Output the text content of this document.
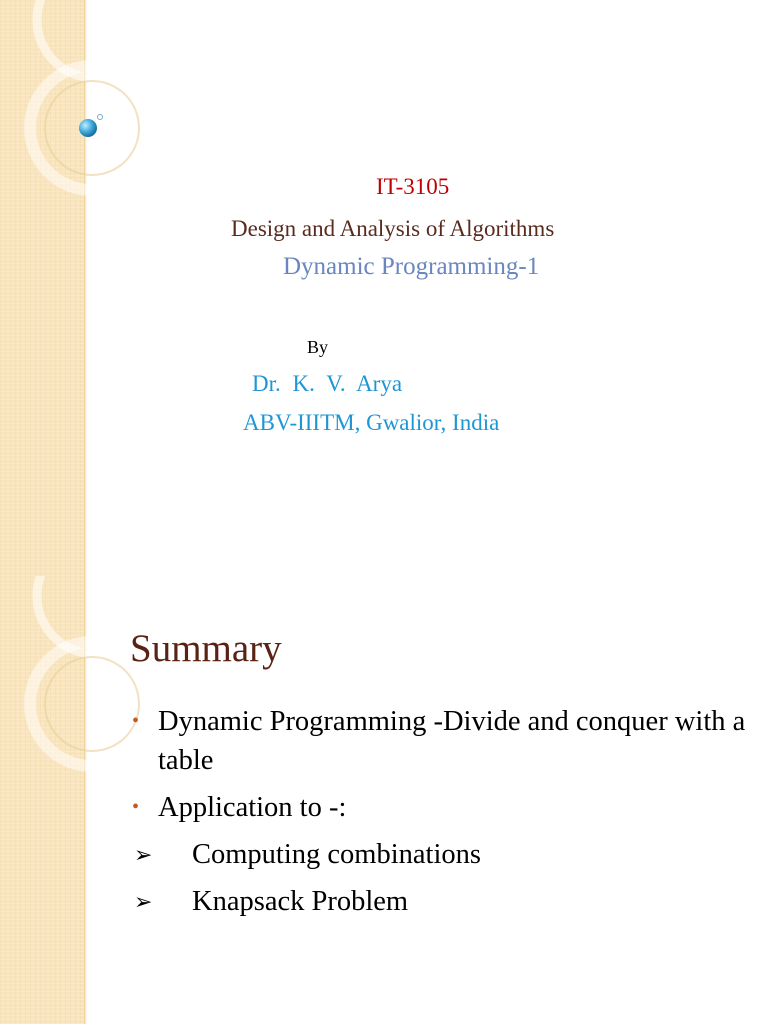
IT-3105

Design and Analysis of Algorithms

Dynamic Programming-1

By

Dr. K. V. Arya

ABV-IIITM, Gwalior, India

Summary

• Dynamic Programming -Divide and conquer with a table
• Application to -:
➢ Computing combinations
➢ Knapsack Problem
